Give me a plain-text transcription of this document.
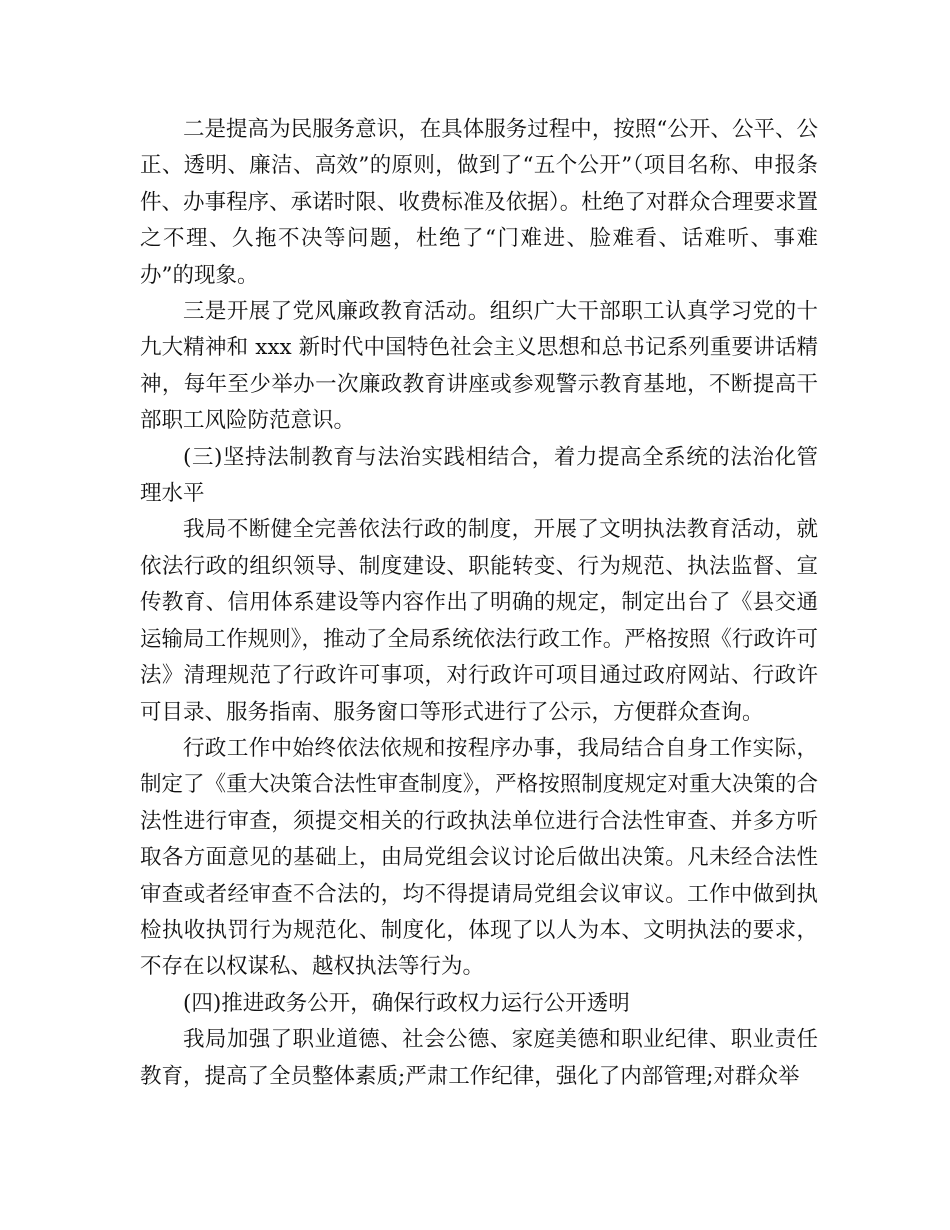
二是提高为民服务意识，在具体服务过程中，按照“公开、公平、公正、透明、廉洁、高效”的原则，做到了“五个公开”（项目名称、申报条件、办事程序、承诺时限、收费标准及依据）。杜绝了对群众合理要求置之不理、久拖不决等问题，杜绝了“门难进、脸难看、话难听、事难办”的现象。

三是开展了党风廉政教育活动。组织广大干部职工认真学习党的十九大精神和 xxx 新时代中国特色社会主义思想和总书记系列重要讲话精神，每年至少举办一次廉政教育讲座或参观警示教育基地，不断提高干部职工风险防范意识。

(三)坚持法制教育与法治实践相结合，着力提高全系统的法治化管理水平

我局不断健全完善依法行政的制度，开展了文明执法教育活动，就依法行政的组织领导、制度建设、职能转变、行为规范、执法监督、宣传教育、信用体系建设等内容作出了明确的规定，制定出台了《县交通运输局工作规则》，推动了全局系统依法行政工作。严格按照《行政许可法》清理规范了行政许可事项，对行政许可项目通过政府网站、行政许可目录、服务指南、服务窗口等形式进行了公示，方便群众查询。

行政工作中始终依法依规和按程序办事，我局结合自身工作实际，制定了《重大决策合法性审查制度》，严格按照制度规定对重大决策的合法性进行审查，须提交相关的行政执法单位进行合法性审查、并多方听取各方面意见的基础上，由局党组会议讨论后做出决策。凡未经合法性审查或者经审查不合法的，均不得提请局党组会议审议。工作中做到执检执收执罚行为规范化、制度化，体现了以人为本、文明执法的要求，不存在以权谋私、越权执法等行为。

(四)推进政务公开，确保行政权力运行公开透明

我局加强了职业道德、社会公德、家庭美德和职业纪律、职业责任教育，提高了全员整体素质;严肃工作纪律，强化了内部管理;对群众举
